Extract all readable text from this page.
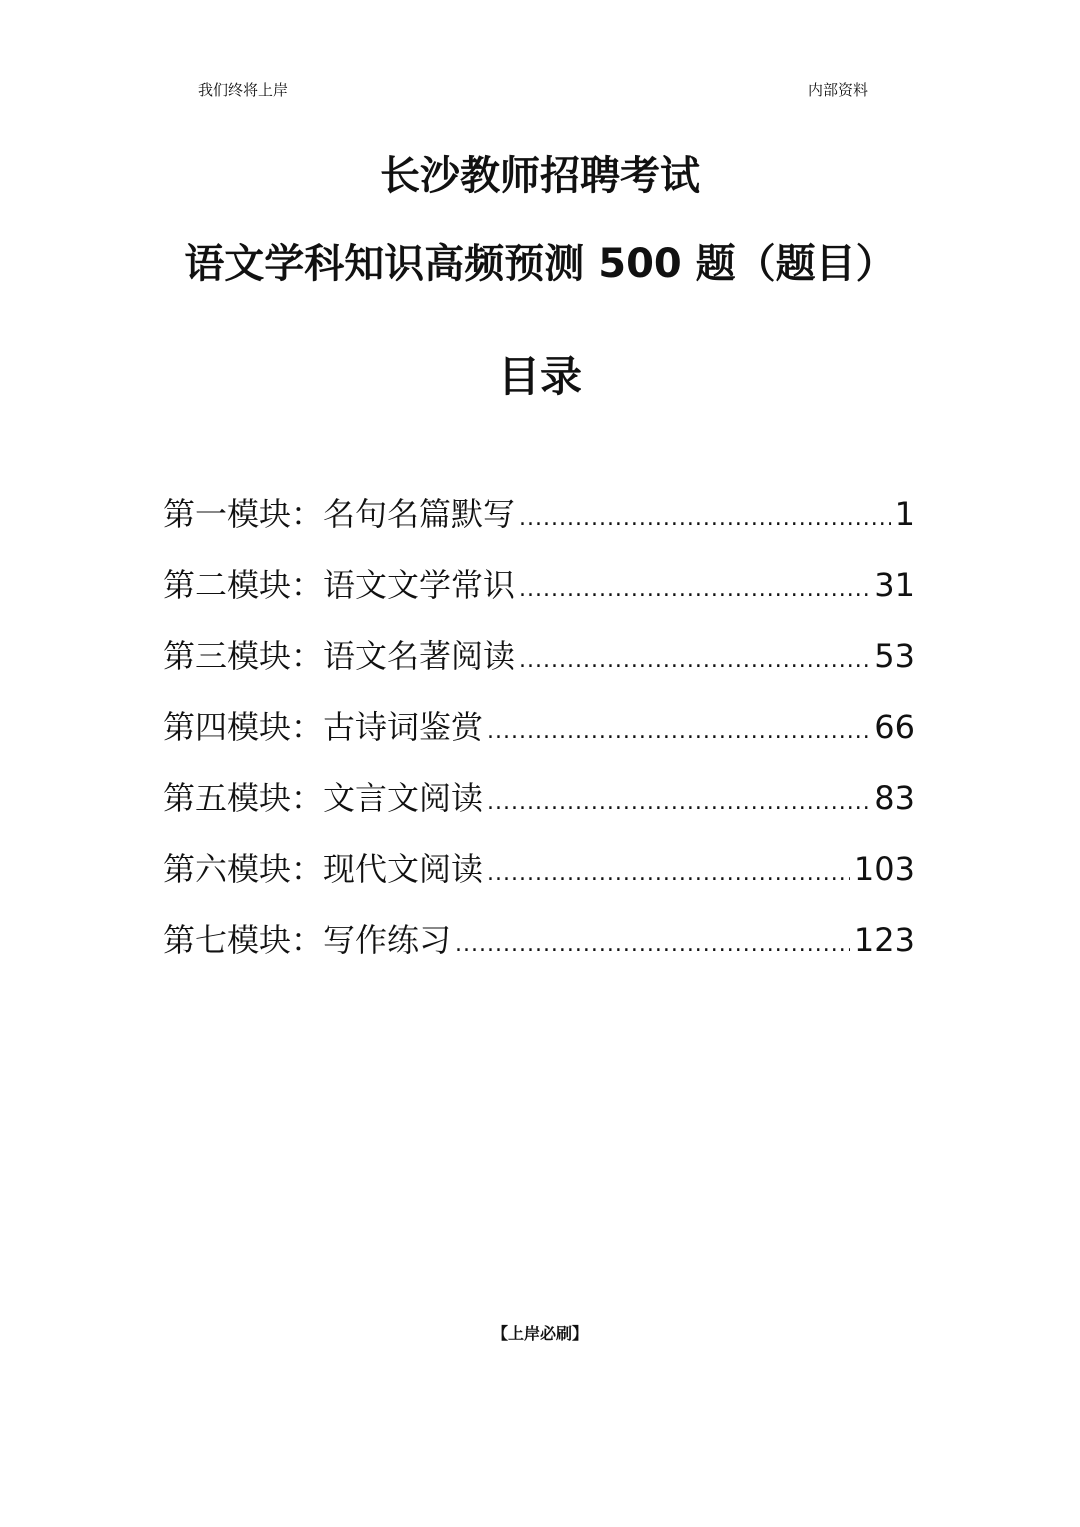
我们终将上岸	内部资料
长沙教师招聘考试
语文学科知识高频预测 500 题（题目）
目录
第一模块：名句名篇默写 .....	1
第二模块：语文文学常识 .....	31
第三模块：语文名著阅读 .....	53
第四模块：古诗词鉴赏 .....	66
第五模块：文言文阅读 .....	83
第六模块：现代文阅读 .....	103
第七模块：写作练习 .....	123
【上岸必刷】
